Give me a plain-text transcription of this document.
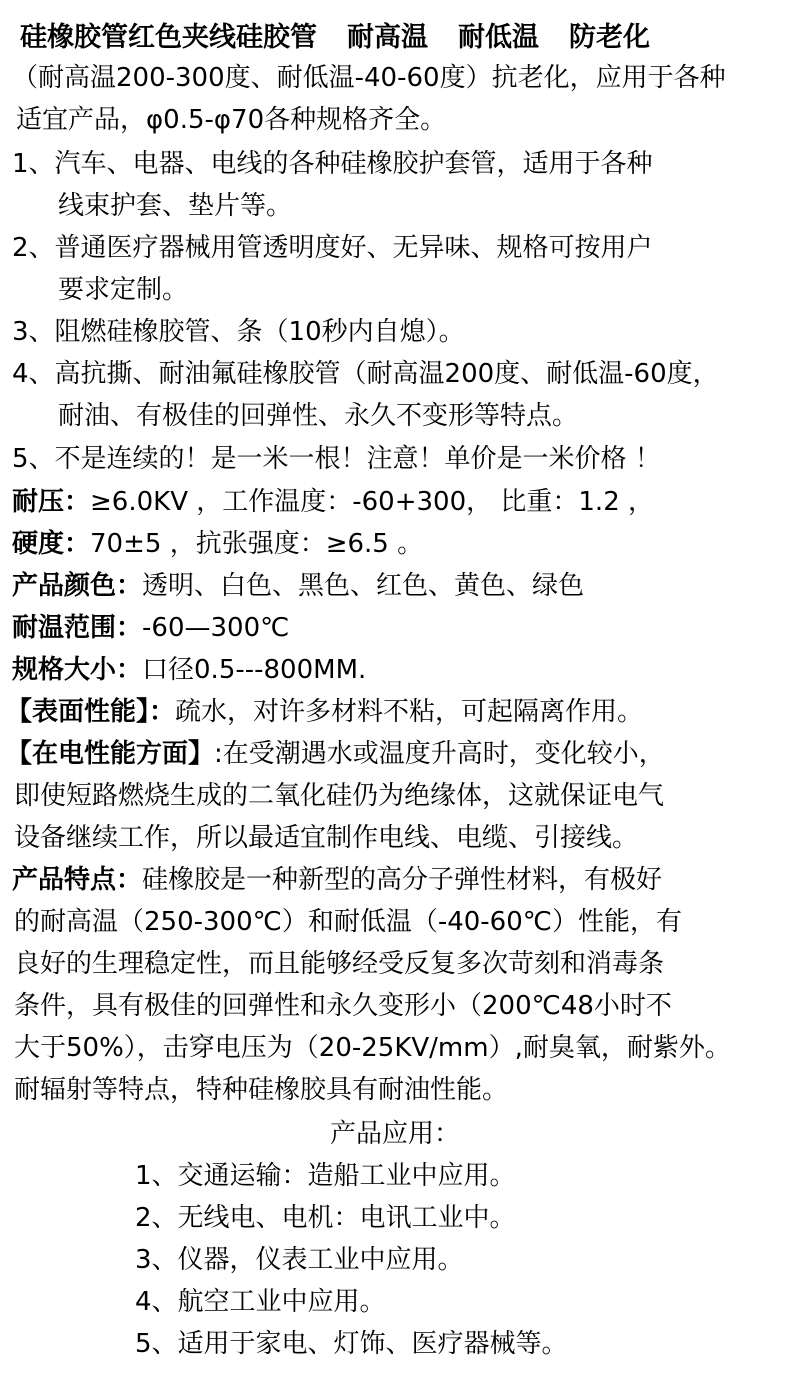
硅橡胶管红色夹线硅胶管 耐高温 耐低温 防老化
（耐高温200-300度、耐低温-40-60度）抗老化，应用于各种
适宜产品，φ0.5-φ70各种规格齐全。
1、汽车、电器、电线的各种硅橡胶护套管，适用于各种
线束护套、垫片等。
2、普通医疗器械用管透明度好、无异味、规格可按用户
要求定制。
3、阻燃硅橡胶管、条（10秒内自熄）。
4、高抗撕、耐油氟硅橡胶管（耐高温200度、耐低温-60度，
耐油、有极佳的回弹性、永久不变形等特点。
5、不是连续的！是一米一根！注意！单价是一米价格 ！
耐压：≥6.0KV ，工作温度：-60+300， 比重：1.2 ，
硬度：70±5 ，抗张强度：≥6.5 。
产品颜色：透明、白色、黑色、红色、黄色、绿色
耐温范围：-60—300℃
规格大小：口径0.5---800MM.
【表面性能】：疏水，对许多材料不粘，可起隔离作用。
【在电性能方面】:在受潮遇水或温度升高时，变化较小，
即使短路燃烧生成的二氧化硅仍为绝缘体，这就保证电气
设备继续工作，所以最适宜制作电线、电缆、引接线。
产品特点：硅橡胶是一种新型的高分子弹性材料，有极好
的耐高温（250-300℃）和耐低温（-40-60℃）性能，有
良好的生理稳定性，而且能够经受反复多次苛刻和消毒条
条件，具有极佳的回弹性和永久变形小（200℃48小时不
大于50%），击穿电压为（20-25KV/mm）,耐臭氧，耐紫外。
耐辐射等特点，特种硅橡胶具有耐油性能。
产品应用：
1、交通运输：造船工业中应用。
2、无线电、电机：电讯工业中。
3、仪器，仪表工业中应用。
4、航空工业中应用。
5、适用于家电、灯饰、医疗器械等。
